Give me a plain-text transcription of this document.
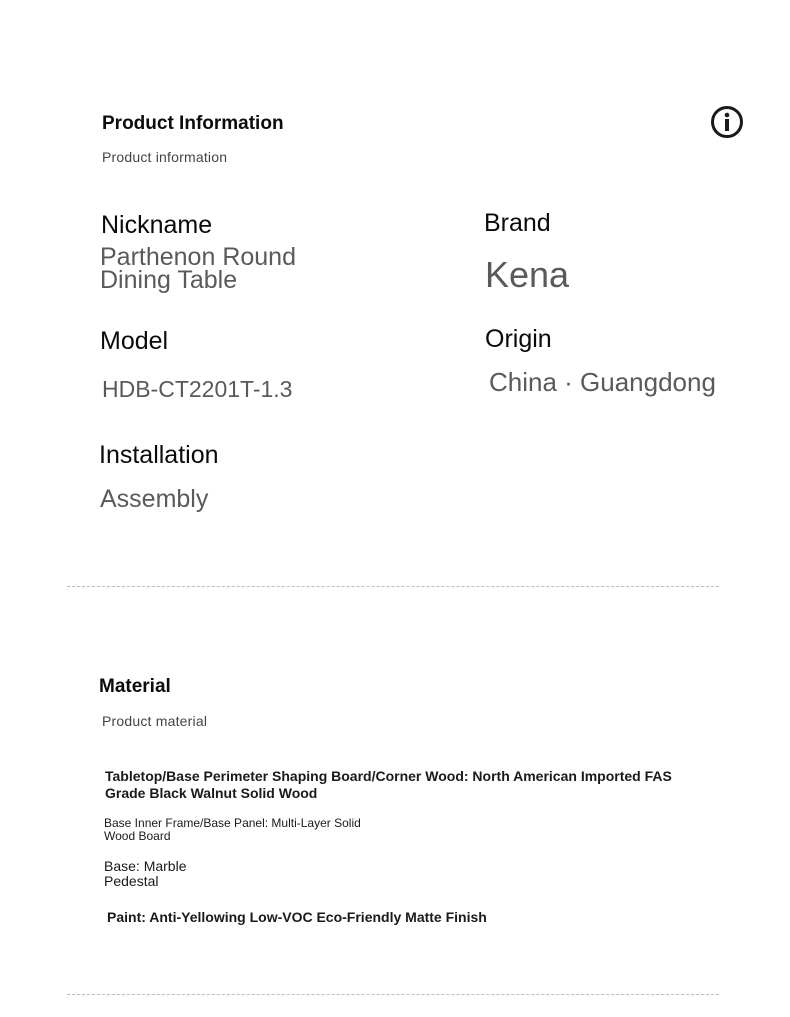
Product Information
Product information
Nickname
Parthenon Round
Dining Table
Brand
Kena
Model
HDB-CT2201T-1.3
Origin
China · Guangdong
Installation
Assembly
Material
Product material
Tabletop/Base Perimeter Shaping Board/Corner Wood: North American Imported FAS
Grade Black Walnut Solid Wood
Base Inner Frame/Base Panel: Multi-Layer Solid
Wood Board
Base: Marble
Pedestal
Paint: Anti-Yellowing Low-VOC Eco-Friendly Matte Finish
